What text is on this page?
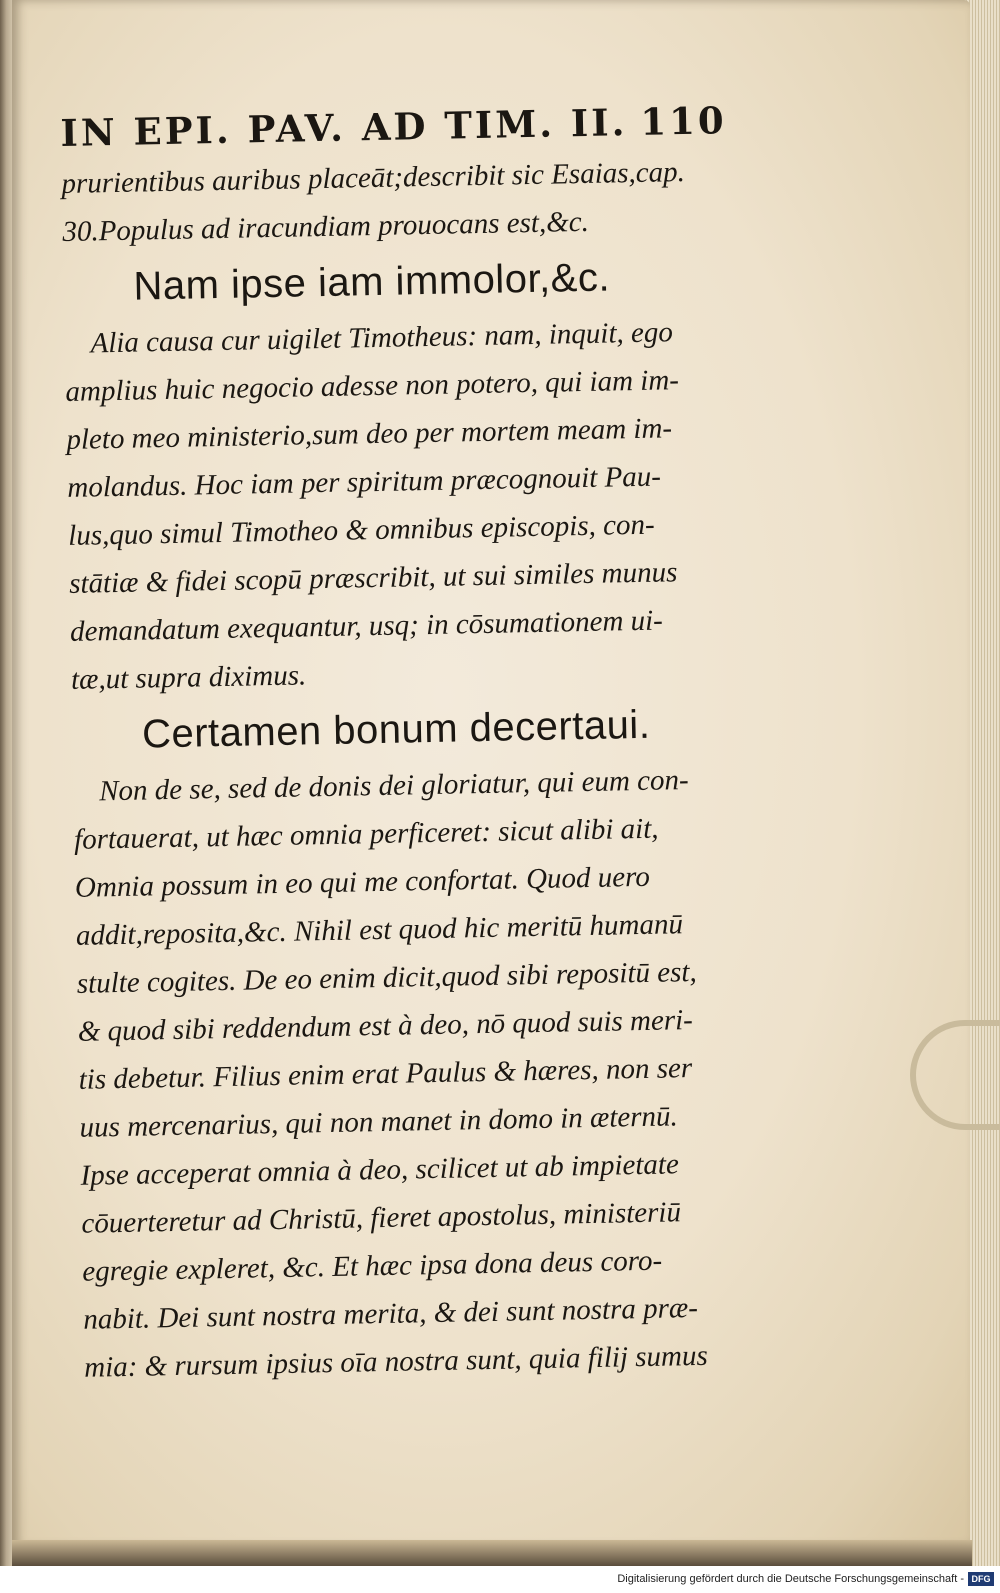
IN EPI. PAV. AD TIM. II. 110
prurientibus auribus placeāt;describit sic Esaias,cap.
30.Populus ad iracundiam prouocans est,&c.
Nam ipse iam immolor,&c.
Alia causa cur uigilet Timotheus: nam, inquit, ego
amplius huic negocio adesse non potero, qui iam im-
pleto meo ministerio,sum deo per mortem meam im-
molandus. Hoc iam per spiritum præcognouit Pau-
lus,quo simul Timotheo & omnibus episcopis, con-
stātiæ & fidei scopū præscribit, ut sui similes munus
demandatum exequantur, usq; in cōsumationem ui-
tæ,ut supra diximus.
Certamen bonum decertaui.
Non de se, sed de donis dei gloriatur, qui eum con-
fortauerat, ut hæc omnia perficeret: sicut alibi ait,
Omnia possum in eo qui me confortat. Quod uero
addit,reposita,&c. Nihil est quod hic meritū humanū
stulte cogites. De eo enim dicit,quod sibi repositū est,
& quod sibi reddendum est à deo, nō quod suis meri-
tis debetur. Filius enim erat Paulus & hæres, non ser
uus mercenarius, qui non manet in domo in æternū.
Ipse acceperat omnia à deo, scilicet ut ab impietate
cōuerteretur ad Christū, fieret apostolus, ministeriū
egregie expleret, &c. Et hæc ipsa dona deus coro-
nabit. Dei sunt nostra merita, & dei sunt nostra præ-
mia: & rursum ipsius oīa nostra sunt, quia filij sumus
Digitalisierung gefördert durch die Deutsche Forschungsgemeinschaft - DFG
